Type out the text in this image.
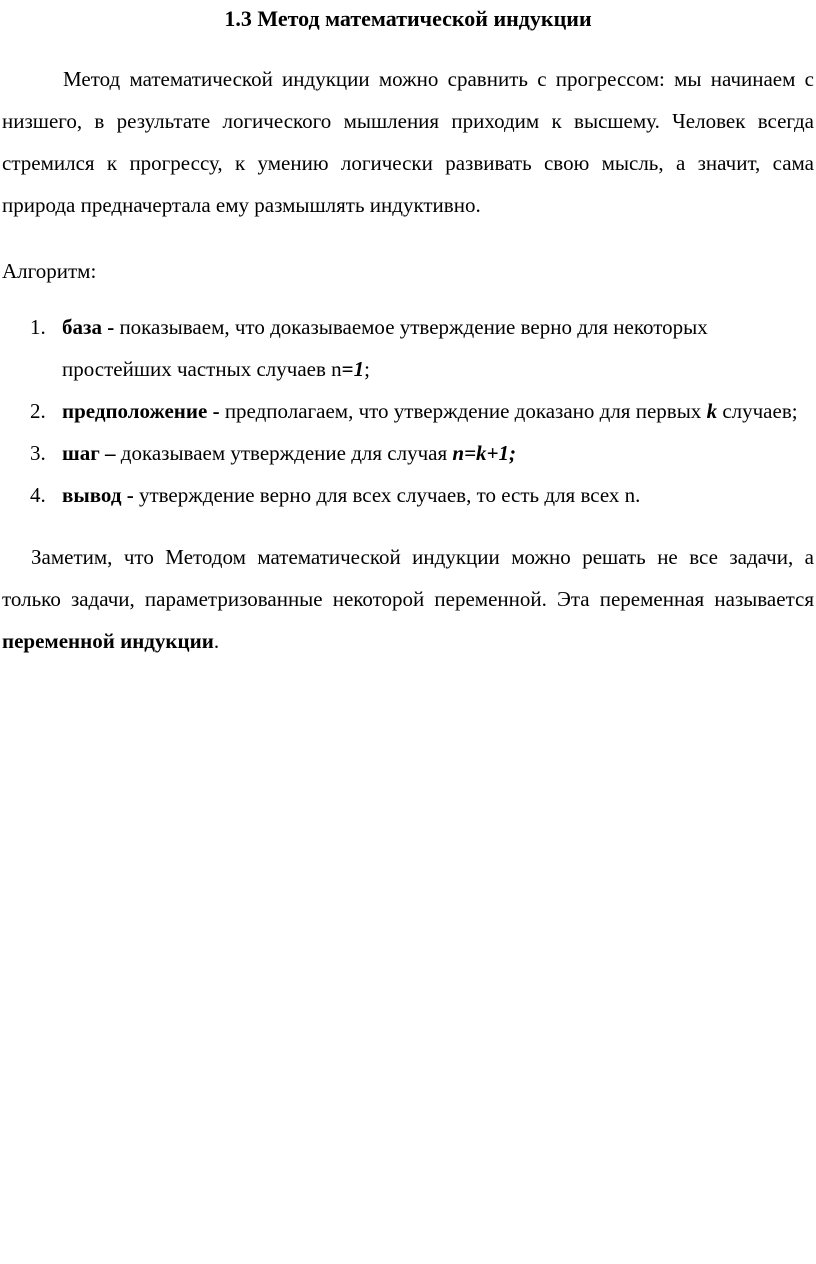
1.3 Метод математической индукции

Метод математической индукции можно сравнить с прогрессом: мы начинаем с низшего, в результате логического мышления приходим к высшему. Человек всегда стремился к прогрессу, к умению логически развивать свою мысль, а значит, сама природа предначертала ему размышлять индуктивно.

Алгоритм:

1. база - показываем, что доказываемое утверждение верно для некоторых простейших частных случаев n=1;
2. предположение - предполагаем, что утверждение доказано для первых k случаев;
3. шаг – доказываем утверждение для случая n=k+1;
4. вывод - утверждение верно для всех случаев, то есть для всех n.

Заметим, что Методом математической индукции можно решать не все задачи, а только задачи, параметризованные некоторой переменной. Эта переменная называется переменной индукции.
